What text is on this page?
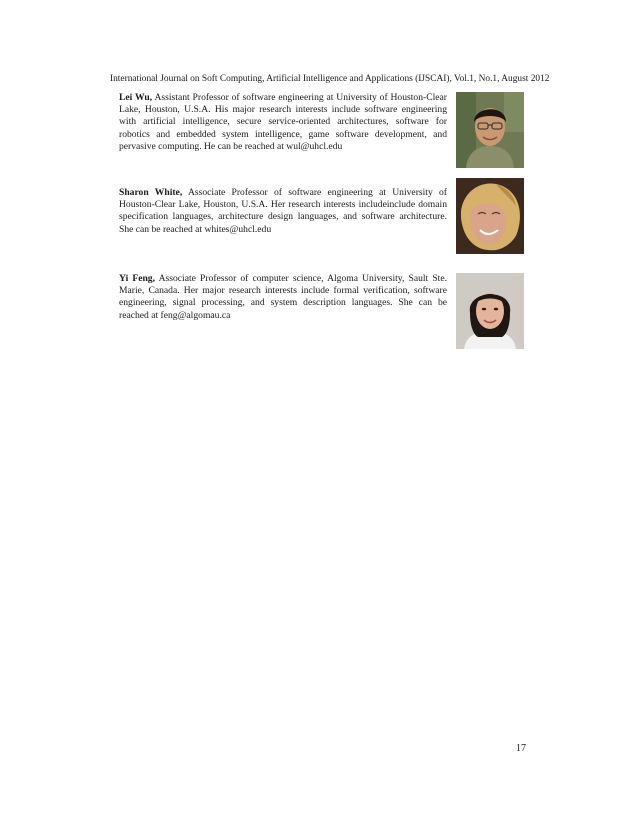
International Journal on Soft Computing, Artificial Intelligence and Applications (IJSCAI), Vol.1, No.1, August 2012
Lei Wu, Assistant Professor of software engineering at University of Houston-Clear Lake, Houston, U.S.A. His major research interests include software engineering with artificial intelligence, secure service-oriented architectures, software for robotics and embedded system intelligence, game software development, and pervasive computing. He can be reached at wul@uhcl.edu
Sharon White, Associate Professor of software engineering at University of Houston-Clear Lake, Houston, U.S.A. Her research interests includeinclude domain specification languages, architecture design languages, and software architecture. She can be reached at whites@uhcl.edu
Yi Feng, Associate Professor of computer science, Algoma University, Sault Ste. Marie, Canada. Her major research interests include formal verification, software engineering, signal processing, and system description languages. She can be reached at feng@algomau.ca
17
